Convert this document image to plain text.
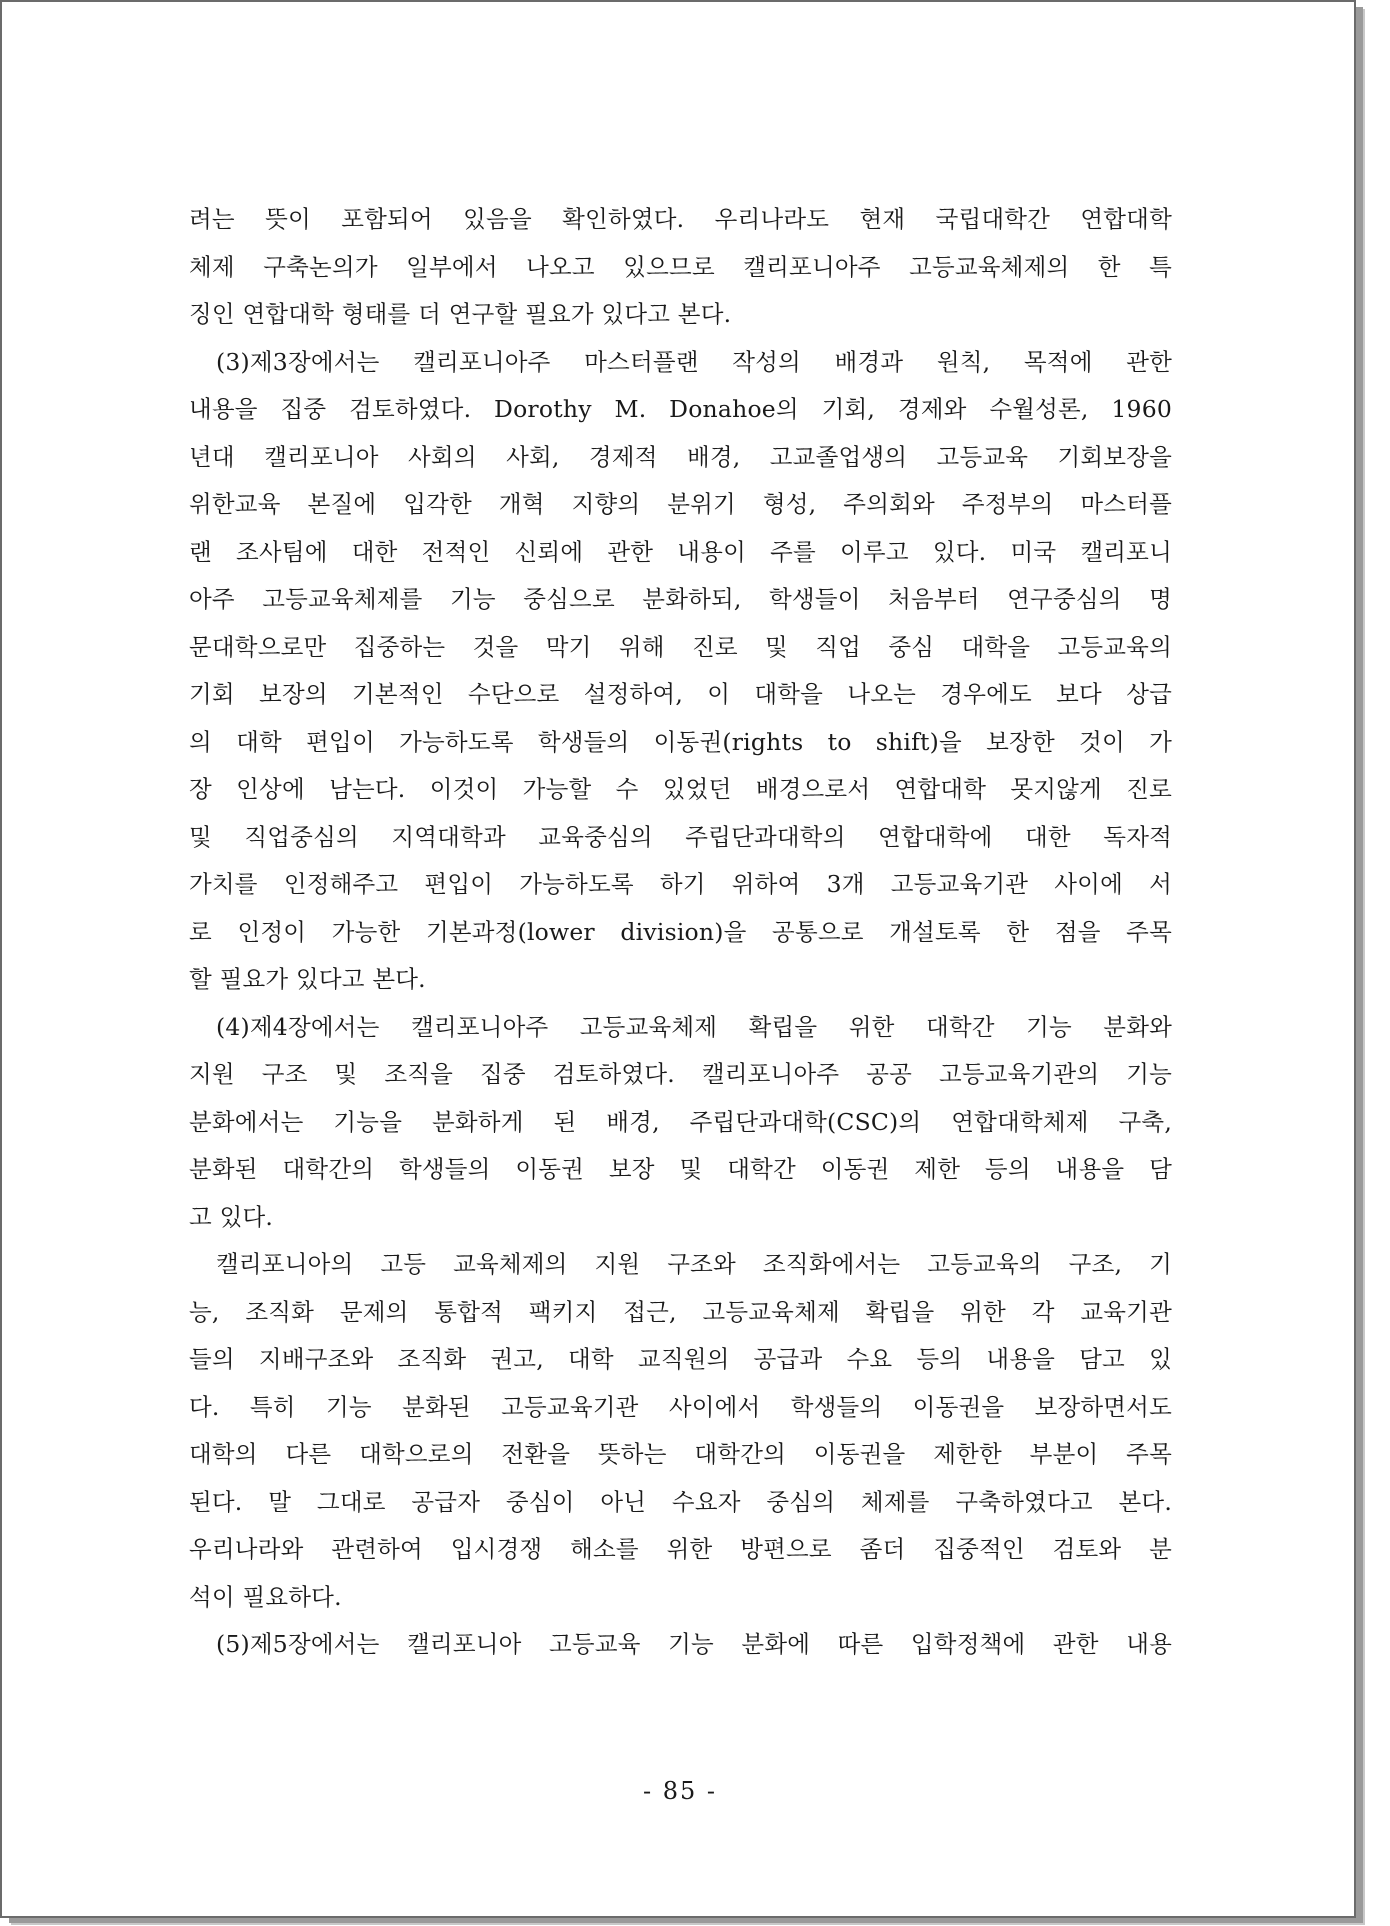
려는 뜻이 포함되어 있음을 확인하였다. 우리나라도 현재 국립대학간 연합대학
체제 구축논의가 일부에서 나오고 있으므로 캘리포니아주 고등교육체제의 한 특
징인 연합대학 형태를 더 연구할 필요가 있다고 본다.
(3)제3장에서는 캘리포니아주 마스터플랜 작성의 배경과 원칙, 목적에 관한
내용을 집중 검토하였다. Dorothy M. Donahoe의 기회, 경제와 수월성론, 1960
년대 캘리포니아 사회의 사회, 경제적 배경, 고교졸업생의 고등교육 기회보장을
위한교육 본질에 입각한 개혁 지향의 분위기 형성, 주의회와 주정부의 마스터플
랜 조사팀에 대한 전적인 신뢰에 관한 내용이 주를 이루고 있다. 미국 캘리포니
아주 고등교육체제를 기능 중심으로 분화하되, 학생들이 처음부터 연구중심의 명
문대학으로만 집중하는 것을 막기 위해 진로 및 직업 중심 대학을 고등교육의
기회 보장의 기본적인 수단으로 설정하여, 이 대학을 나오는 경우에도 보다 상급
의 대학 편입이 가능하도록 학생들의 이동권(rights to shift)을 보장한 것이 가
장 인상에 남는다. 이것이 가능할 수 있었던 배경으로서 연합대학 못지않게 진로
및 직업중심의 지역대학과 교육중심의 주립단과대학의 연합대학에 대한 독자적
가치를 인정해주고 편입이 가능하도록 하기 위하여 3개 고등교육기관 사이에 서
로 인정이 가능한 기본과정(lower division)을 공통으로 개설토록 한 점을 주목
할 필요가 있다고 본다.
(4)제4장에서는 캘리포니아주 고등교육체제 확립을 위한 대학간 기능 분화와
지원 구조 및 조직을 집중 검토하였다. 캘리포니아주 공공 고등교육기관의 기능
분화에서는 기능을 분화하게 된 배경, 주립단과대학(CSC)의 연합대학체제 구축,
분화된 대학간의 학생들의 이동권 보장 및 대학간 이동권 제한 등의 내용을 담
고 있다.
캘리포니아의 고등 교육체제의 지원 구조와 조직화에서는 고등교육의 구조, 기
능, 조직화 문제의 통합적 팩키지 접근, 고등교육체제 확립을 위한 각 교육기관
들의 지배구조와 조직화 권고, 대학 교직원의 공급과 수요 등의 내용을 담고 있
다. 특히 기능 분화된 고등교육기관 사이에서 학생들의 이동권을 보장하면서도
대학의 다른 대학으로의 전환을 뜻하는 대학간의 이동권을 제한한 부분이 주목
된다. 말 그대로 공급자 중심이 아닌 수요자 중심의 체제를 구축하였다고 본다.
우리나라와 관련하여 입시경쟁 해소를 위한 방편으로 좀더 집중적인 검토와 분
석이 필요하다.
(5)제5장에서는 캘리포니아 고등교육 기능 분화에 따른 입학정책에 관한 내용
- 85 -
